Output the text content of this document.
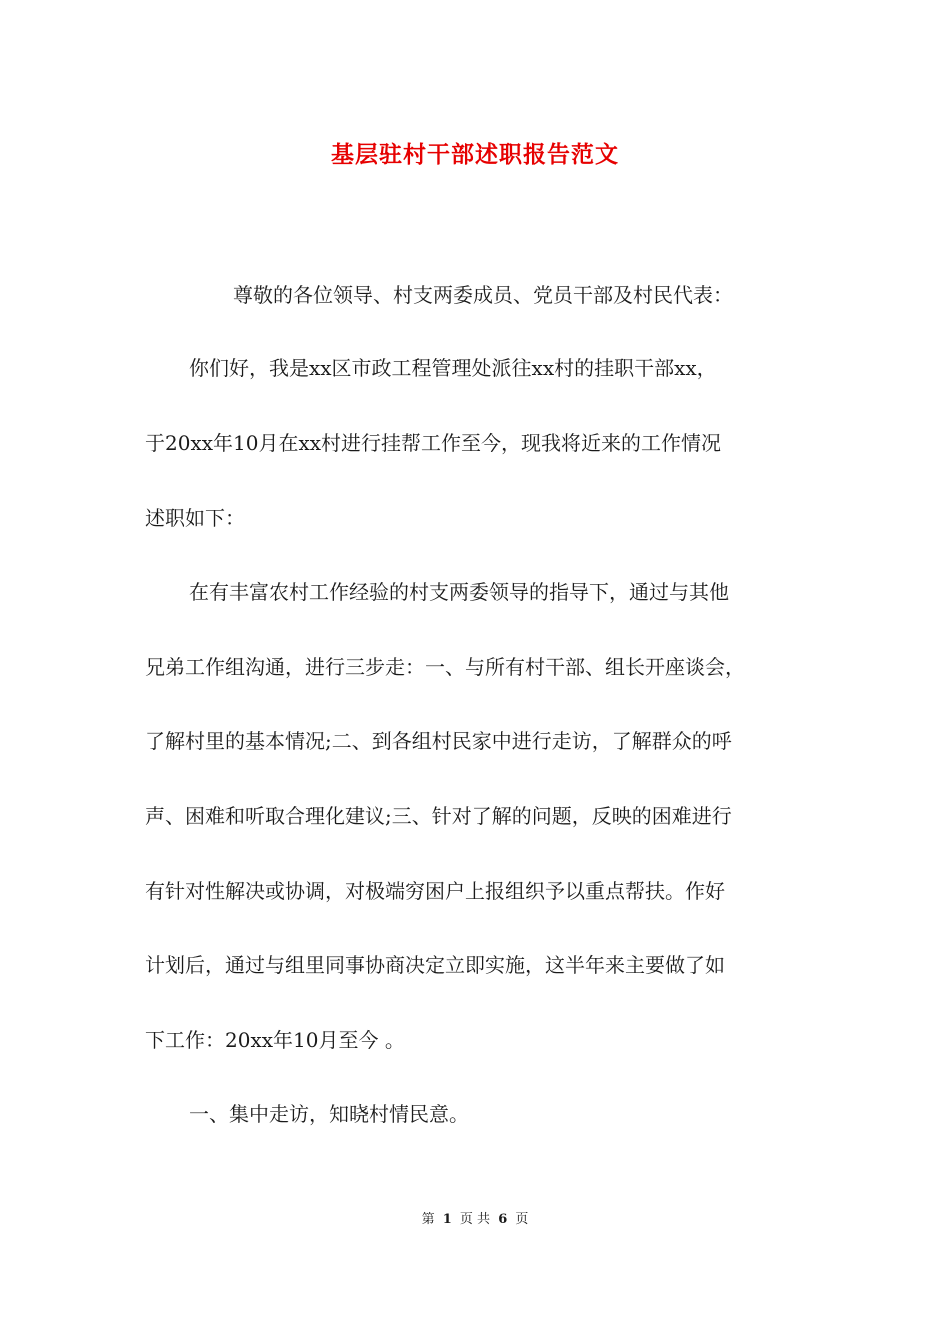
基层驻村干部述职报告范文
尊敬的各位领导、村支两委成员、党员干部及村民代表：
你们好，我是xx区市政工程管理处派往xx村的挂职干部xx，
于20xx年10月在xx村进行挂帮工作至今，现我将近来的工作情况
述职如下：
在有丰富农村工作经验的村支两委领导的指导下，通过与其他
兄弟工作组沟通，进行三步走：一、与所有村干部、组长开座谈会，
了解村里的基本情况;二、到各组村民家中进行走访，了解群众的呼
声、困难和听取合理化建议;三、针对了解的问题，反映的困难进行
有针对性解决或协调，对极端穷困户上报组织予以重点帮扶。作好
计划后，通过与组里同事协商决定立即实施，这半年来主要做了如
下工作：20xx年10月至今 。
一、集中走访，知晓村情民意。
第 1 页 共 6 页
